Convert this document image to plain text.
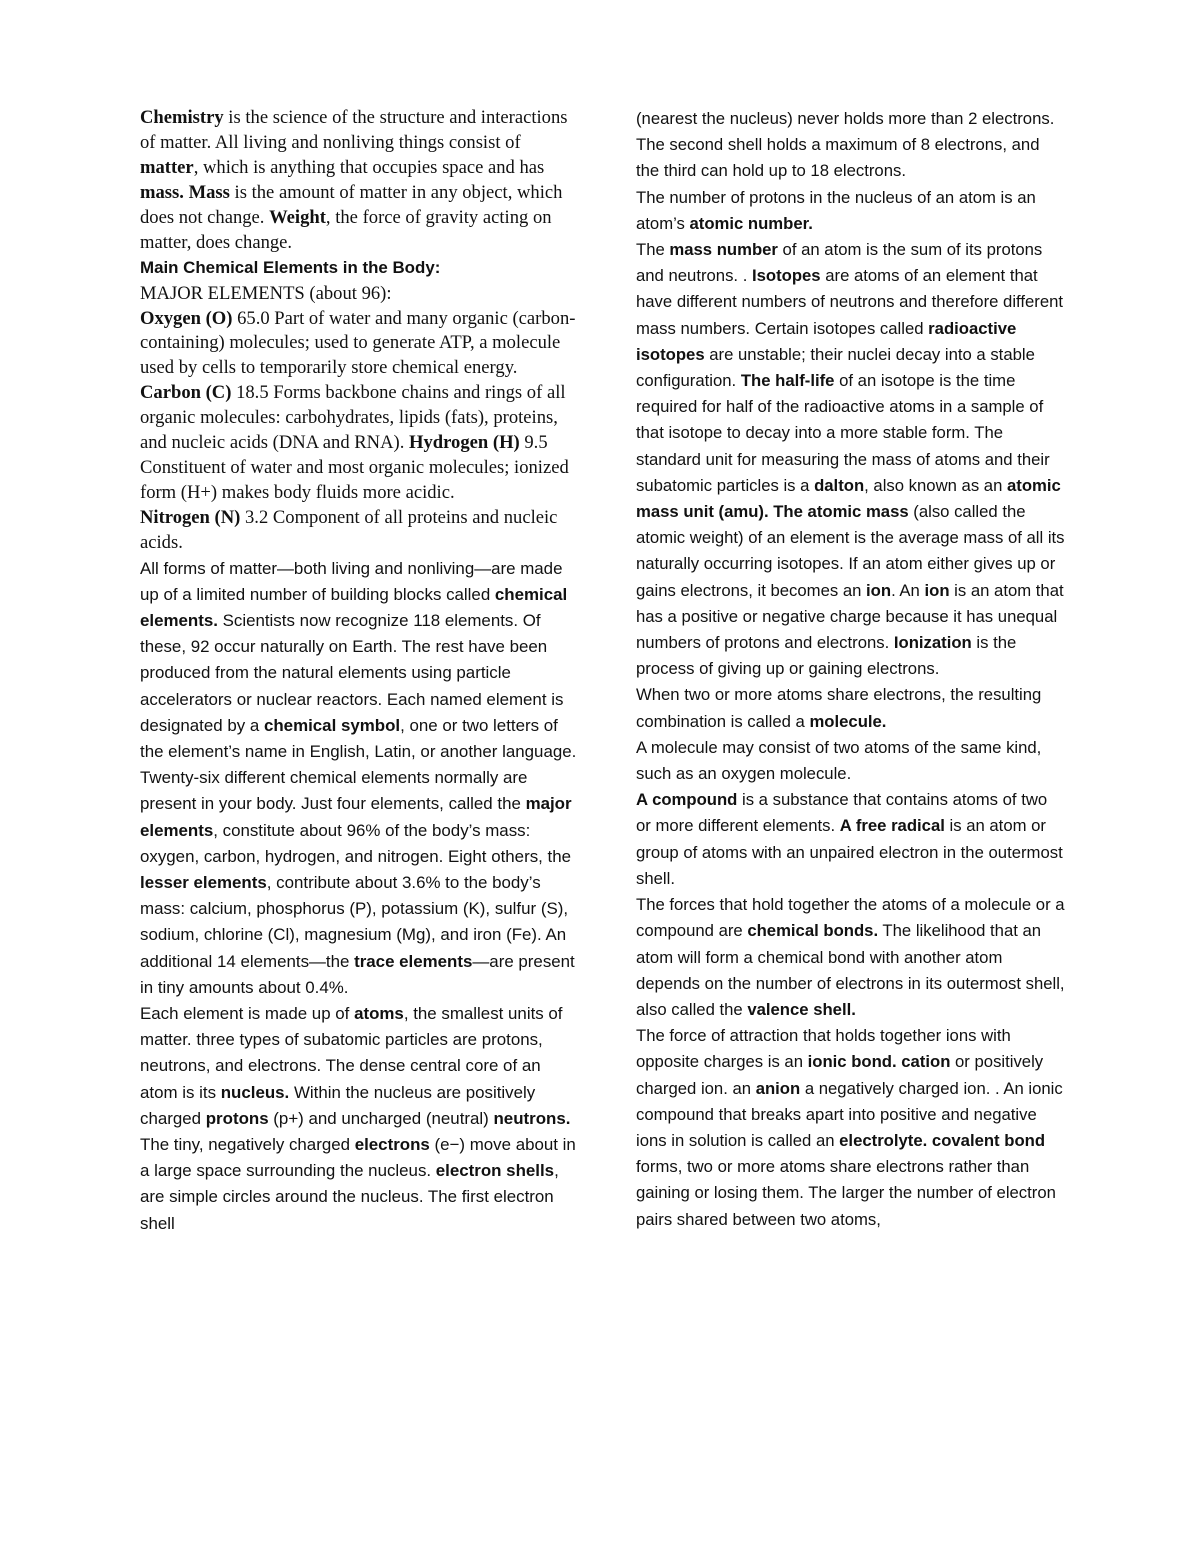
Chemistry is the science of the structure and interactions of matter. All living and nonliving things consist of matter, which is anything that occupies space and has mass. Mass is the amount of matter in any object, which does not change. Weight, the force of gravity acting on matter, does change.

Main Chemical Elements in the Body:

MAJOR ELEMENTS (about 96):

Oxygen (O) 65.0 Part of water and many organic (carbon-containing) molecules; used to generate ATP, a molecule used by cells to temporarily store chemical energy.

Carbon (C) 18.5 Forms backbone chains and rings of all organic molecules: carbohydrates, lipids (fats), proteins, and nucleic acids (DNA and RNA). Hydrogen (H) 9.5 Constituent of water and most organic molecules; ionized form (H+) makes body fluids more acidic.

Nitrogen (N) 3.2 Component of all proteins and nucleic acids.

All forms of matter—both living and nonliving—are made up of a limited number of building blocks called chemical elements. Scientists now recognize 118 elements. Of these, 92 occur naturally on Earth. The rest have been produced from the natural elements using particle accelerators or nuclear reactors. Each named element is designated by a chemical symbol, one or two letters of the element’s name in English, Latin, or another language. Twenty-six different chemical elements normally are present in your body. Just four elements, called the major elements, constitute about 96% of the body’s mass: oxygen, carbon, hydrogen, and nitrogen. Eight others, the lesser elements, contribute about 3.6% to the body’s mass: calcium, phosphorus (P), potassium (K), sulfur (S), sodium, chlorine (Cl), magnesium (Mg), and iron (Fe). An additional 14 elements—the trace elements—are present in tiny amounts about 0.4%.

Each element is made up of atoms, the smallest units of matter. three types of subatomic particles are protons, neutrons, and electrons. The dense central core of an atom is its nucleus. Within the nucleus are positively charged protons (p+) and uncharged (neutral) neutrons. The tiny, negatively charged electrons (e−) move about in a large space surrounding the nucleus. electron shells, are simple circles around the nucleus. The first electron shell

(nearest the nucleus) never holds more than 2 electrons. The second shell holds a maximum of 8 electrons, and the third can hold up to 18 electrons.

The number of protons in the nucleus of an atom is an atom’s atomic number.

The mass number of an atom is the sum of its protons and neutrons. . Isotopes are atoms of an element that have different numbers of neutrons and therefore different mass numbers. Certain isotopes called radioactive isotopes are unstable; their nuclei decay into a stable configuration. The half-life of an isotope is the time required for half of the radioactive atoms in a sample of that isotope to decay into a more stable form. The standard unit for measuring the mass of atoms and their subatomic particles is a dalton, also known as an atomic mass unit (amu). The atomic mass (also called the atomic weight) of an element is the average mass of all its naturally occurring isotopes. If an atom either gives up or gains electrons, it becomes an ion. An ion is an atom that has a positive or negative charge because it has unequal numbers of protons and electrons. Ionization is the process of giving up or gaining electrons.

When two or more atoms share electrons, the resulting combination is called a molecule.

A molecule may consist of two atoms of the same kind, such as an oxygen molecule.

A compound is a substance that contains atoms of two or more different elements. A free radical is an atom or group of atoms with an unpaired electron in the outermost shell.

The forces that hold together the atoms of a molecule or a compound are chemical bonds. The likelihood that an atom will form a chemical bond with another atom depends on the number of electrons in its outermost shell, also called the valence shell.

The force of attraction that holds together ions with opposite charges is an ionic bond. cation or positively charged ion. an anion a negatively charged ion. . An ionic compound that breaks apart into positive and negative ions in solution is called an electrolyte. covalent bond forms, two or more atoms share electrons rather than gaining or losing them. The larger the number of electron pairs shared between two atoms,
